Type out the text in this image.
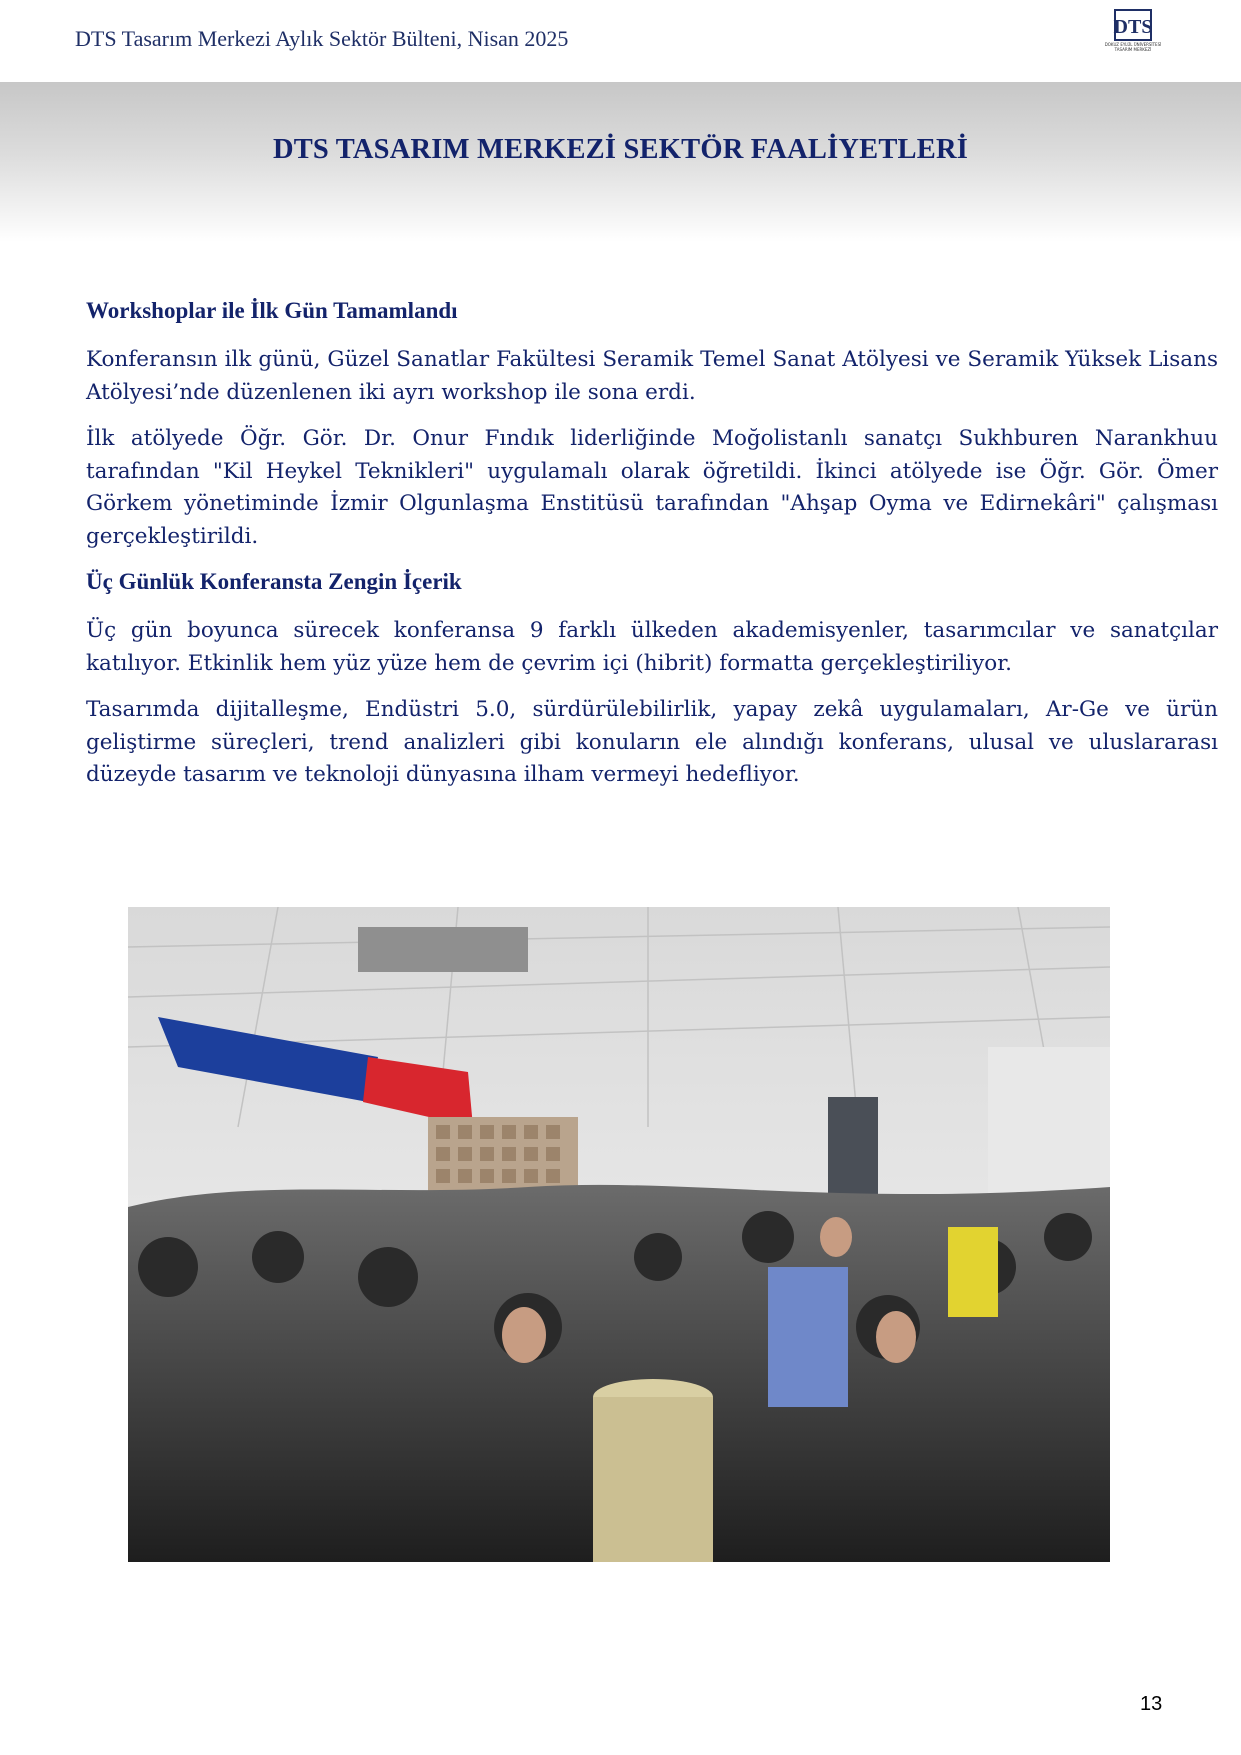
DTS Tasarım Merkezi Aylık Sektör Bülteni, Nisan 2025	DTS
DOKUZ EYLÜL ÜNİVERSİTESİ TASARIM MERKEZİ
DTS TASARIM MERKEZİ SEKTÖR FAALİYETLERİ
Workshoplar ile İlk Gün Tamamlandı

Konferansın ilk günü, Güzel Sanatlar Fakültesi Seramik Temel Sanat Atölyesi ve Seramik Yüksek Lisans Atölyesi’nde düzenlenen iki ayrı workshop ile sona erdi.

İlk atölyede Öğr. Gör. Dr. Onur Fındık liderliğinde Moğolistanlı sanatçı Sukhburen Narankhuu tarafından "Kil Heykel Teknikleri" uygulamalı olarak öğretildi. İkinci atölyede ise Öğr. Gör. Ömer Görkem yönetiminde İzmir Olgunlaşma Enstitüsü tarafından "Ahşap Oyma ve Edirnekâri" çalışması gerçekleştirildi.

Üç Günlük Konferansta Zengin İçerik

Üç gün boyunca sürecek konferansa 9 farklı ülkeden akademisyenler, tasarımcılar ve sanatçılar katılıyor. Etkinlik hem yüz yüze hem de çevrim içi (hibrit) formatta gerçekleştiriliyor.

Tasarımda dijitalleşme, Endüstri 5.0, sürdürülebilirlik, yapay zekâ uygulamaları, Ar-Ge ve ürün geliştirme süreçleri, trend analizleri gibi konuların ele alındığı konferans, ulusal ve uluslararası düzeyde tasarım ve teknoloji dünyasına ilham vermeyi hedefliyor.

13
